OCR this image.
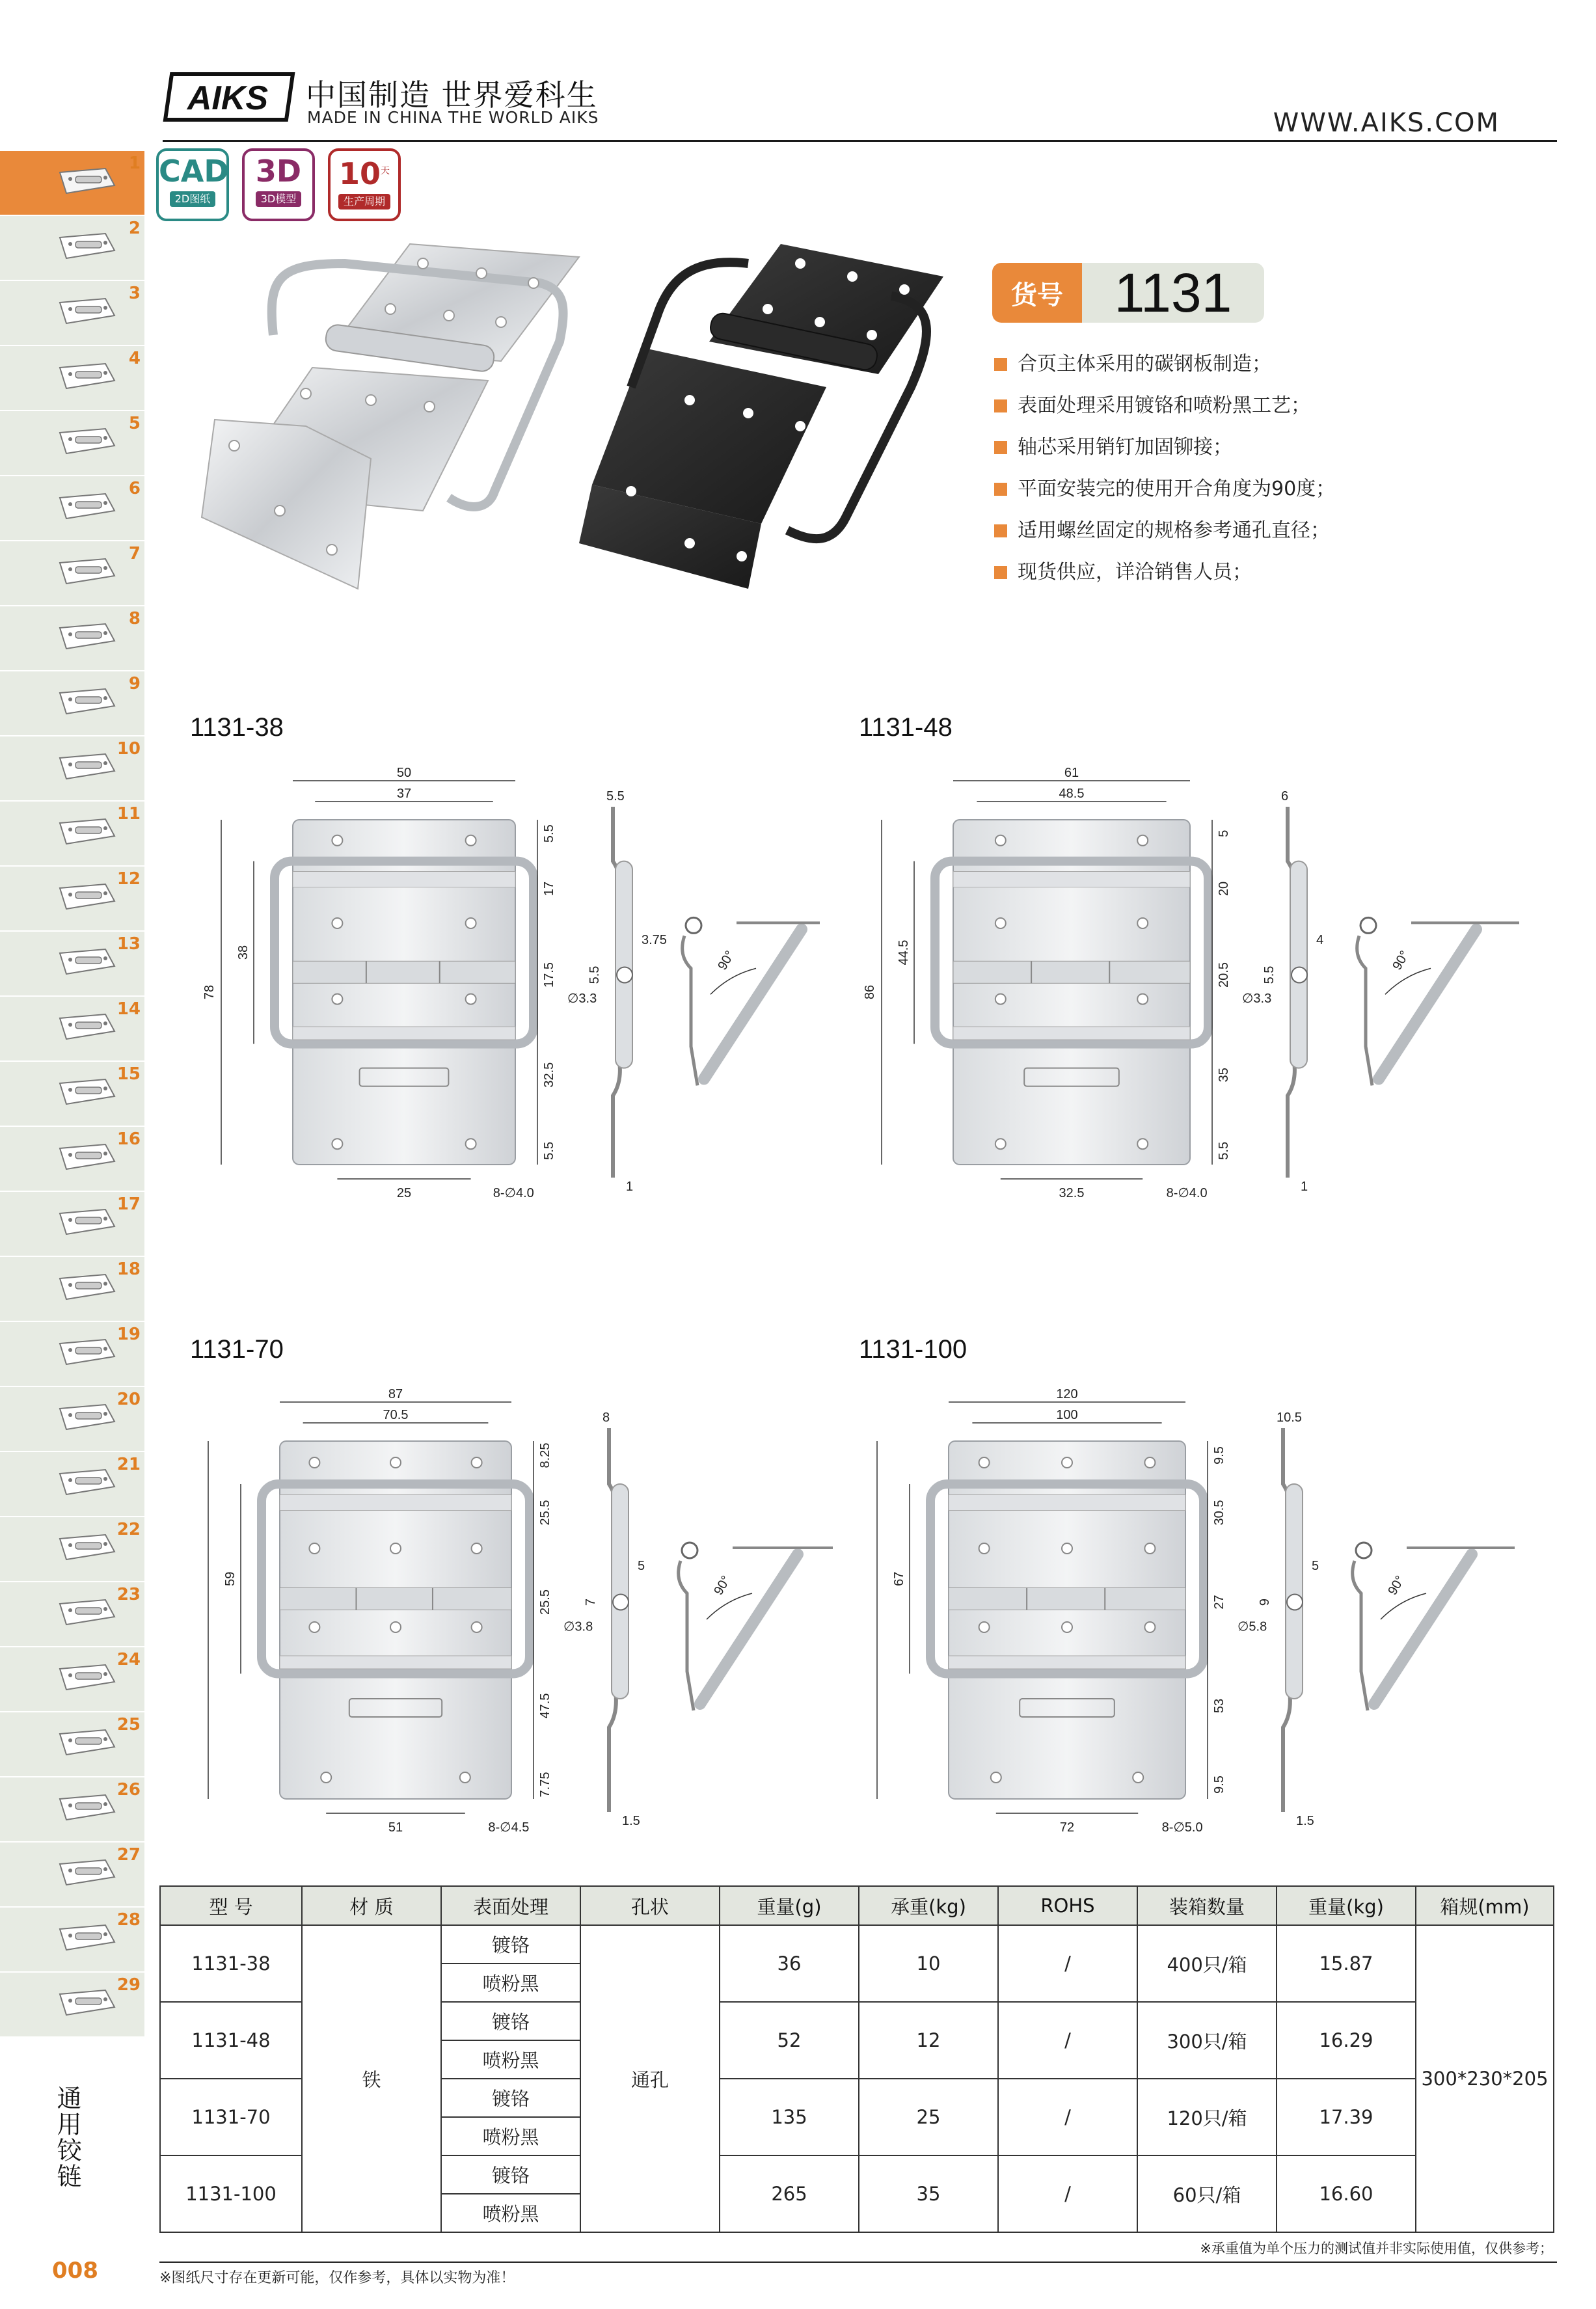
AIKS 中国制造 世界爱科生
MADE IN CHINA THE WORLD AIKS	WWW.AIKS.COM
1
2
3
4
5
6
7
8
9
10
11
12
13
14
15
16
17
18
19
20
21
22
23
24
25
26
27
28
29
通用铰链
008
CAD
2D图纸
3D
3D模型
$10^天$
生产周期
货号 1131
合页主体采用的碳钢板制造；
表面处理采用镀铬和喷粉黑工艺；
轴芯采用销钉加固铆接；
平面安装完的使用开合角度为90度；
适用螺丝固定的规格参考通孔直径；
现货供应，详洽销售人员；
1131-38	1131-48
1131-70	1131-100
50
37
78
38
5.5
17
17.5
32.5
5.5
25	8-∅4.0
5.5
3.75
5.5
∅3.3
1
90°
61
48.5
86
44.5
5
20
20.5
35
5.5
32.5	8-∅4.0
6
4
5.5
∅3.3
1
90°
87
70.5
59
8.25
25.5
25.5
47.5
7.75
51	8-∅4.5
8
5
7
∅3.8
1.5
90°
120
100
67
9.5
30.5
27
53
9.5
72	8-∅5.0
10.5
5
9
∅5.8
1.5
90°
型 号	材 质	表面处理	孔状	重量(g)	承重(kg)	ROHS	装箱数量	重量(kg)	箱规(mm)
1131-38	铁	镀铬	通孔	36	10	/	400只/箱	15.87	300*230*205
		喷粉黑							
1131-48		镀铬		52	12	/	300只/箱	16.29	
		喷粉黑							
1131-70		镀铬		135	25	/	120只/箱	17.39	
		喷粉黑							
1131-100		镀铬		265	35	/	60只/箱	16.60	
		喷粉黑							
※承重值为单个压力的测试值并非实际使用值，仅供参考；
※图纸尺寸存在更新可能，仅作参考，具体以实物为准！
